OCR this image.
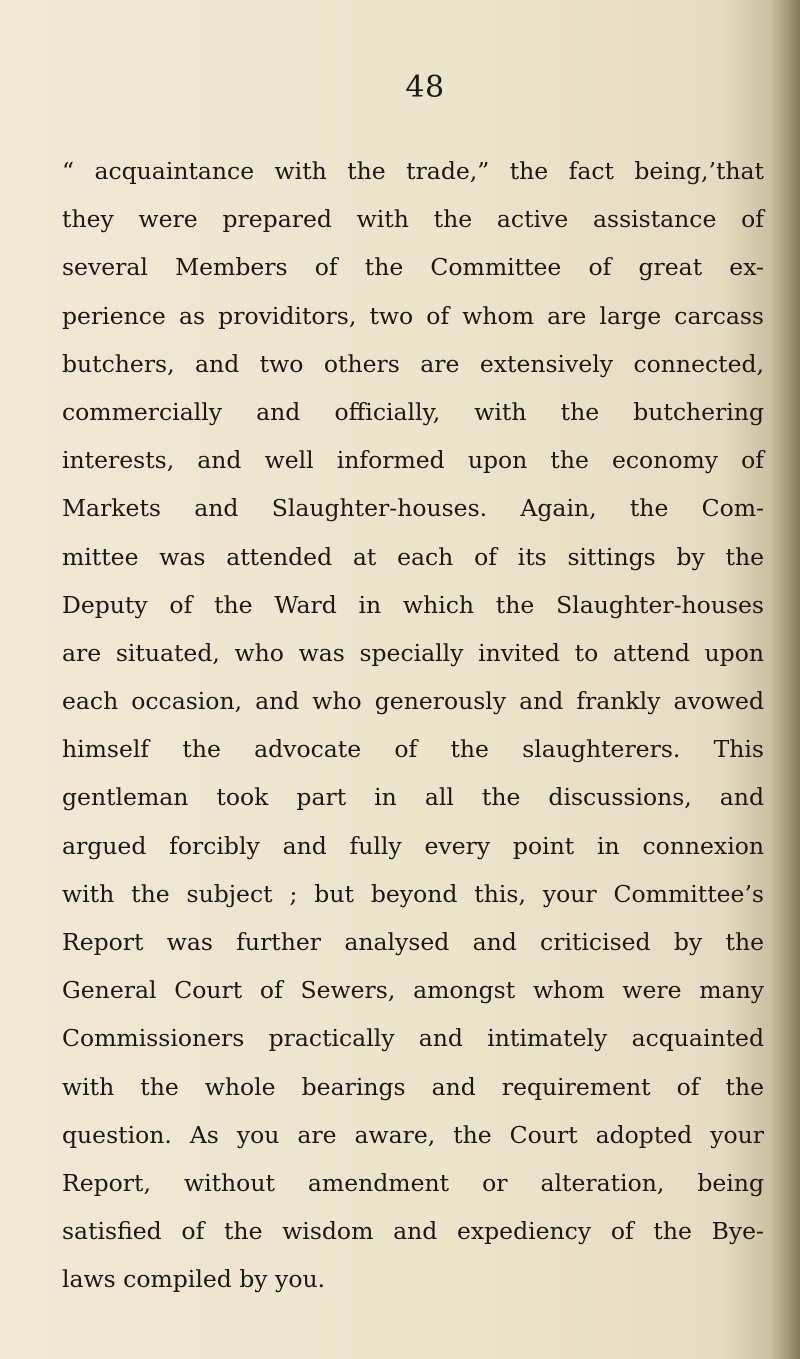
48
“ acquaintance with the trade,” the fact being,’that
they were prepared with the active assistance of
several Members of the Committee of great ex-
perience as providitors, two of whom are large carcass
butchers, and two others are extensively connected,
commercially and officially, with the butchering
interests, and well informed upon the economy of
Markets and Slaughter-houses. Again, the Com-
mittee was attended at each of its sittings by the
Deputy of the Ward in which the Slaughter-houses
are situated, who was specially invited to attend upon
each occasion, and who generously and frankly avowed
himself the advocate of the slaughterers. This
gentleman took part in all the discussions, and
argued forcibly and fully every point in connexion
with the subject ; but beyond this, your Committee’s
Report was further analysed and criticised by the
General Court of Sewers, amongst whom were many
Commissioners practically and intimately acquainted
with the whole bearings and requirement of the
question. As you are aware, the Court adopted your
Report, without amendment or alteration, being
satisfied of the wisdom and expediency of the Bye-
laws compiled by you.
